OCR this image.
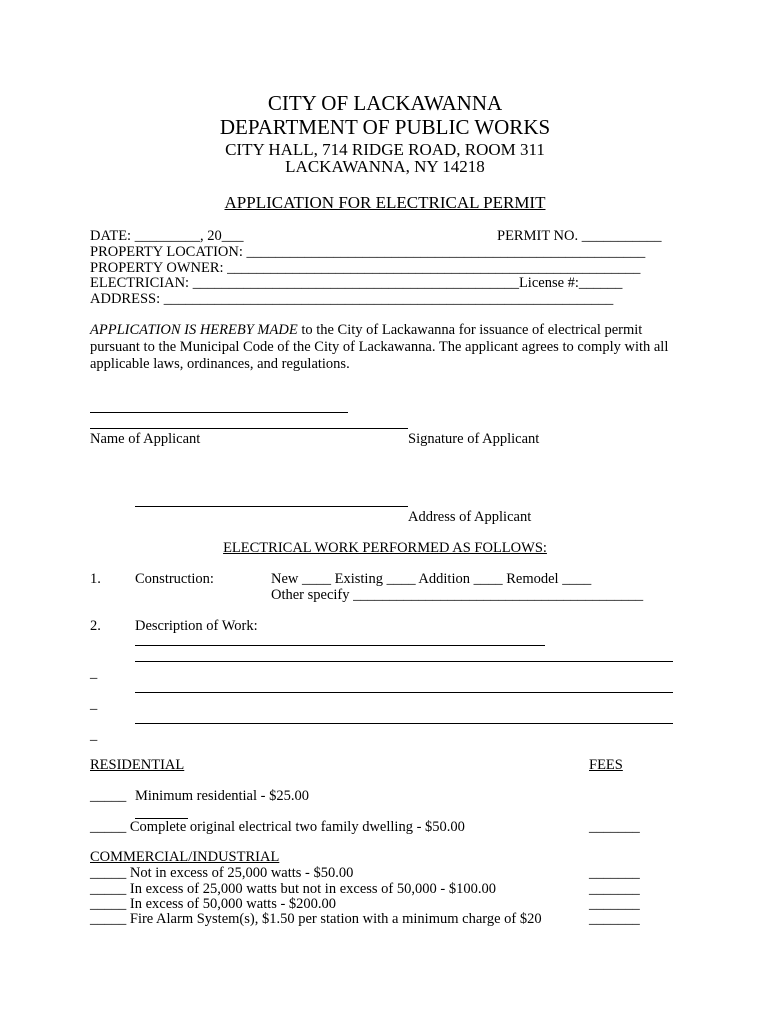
CITY OF LACKAWANNA
DEPARTMENT OF PUBLIC WORKS
CITY HALL, 714 RIDGE ROAD, ROOM 311
LACKAWANNA, NY 14218
APPLICATION FOR ELECTRICAL PERMIT
DATE: _________, 20___	PERMIT NO. ___________
PROPERTY LOCATION: _______________________________________________________
PROPERTY OWNER: _________________________________________________________
ELECTRICIAN: _____________________________________________License #:______
ADDRESS: ______________________________________________________________
APPLICATION IS HEREBY MADE to the City of Lackawanna for issuance of electrical permit pursuant to the Municipal Code of the City of Lackawanna. The applicant agrees to comply with all applicable laws, ordinances, and regulations.
Name of Applicant	Signature of Applicant
Address of Applicant
ELECTRICAL WORK PERFORMED AS FOLLOWS:
1. Construction:	New ____ Existing ____ Addition ____ Remodel ____
Other specify ________________________________________
2. Description of Work:
_
_
_
RESIDENTIAL	FEES
_____ Minimum residential - $25.00
_____ Complete original electrical two family dwelling - $50.00	_______
COMMERCIAL/INDUSTRIAL
_____ Not in excess of 25,000 watts - $50.00	_______
_____ In excess of 25,000 watts but not in excess of 50,000 - $100.00	_______
_____ In excess of 50,000 watts - $200.00	_______
_____ Fire Alarm System(s), $1.50 per station with a minimum charge of $20	_______
